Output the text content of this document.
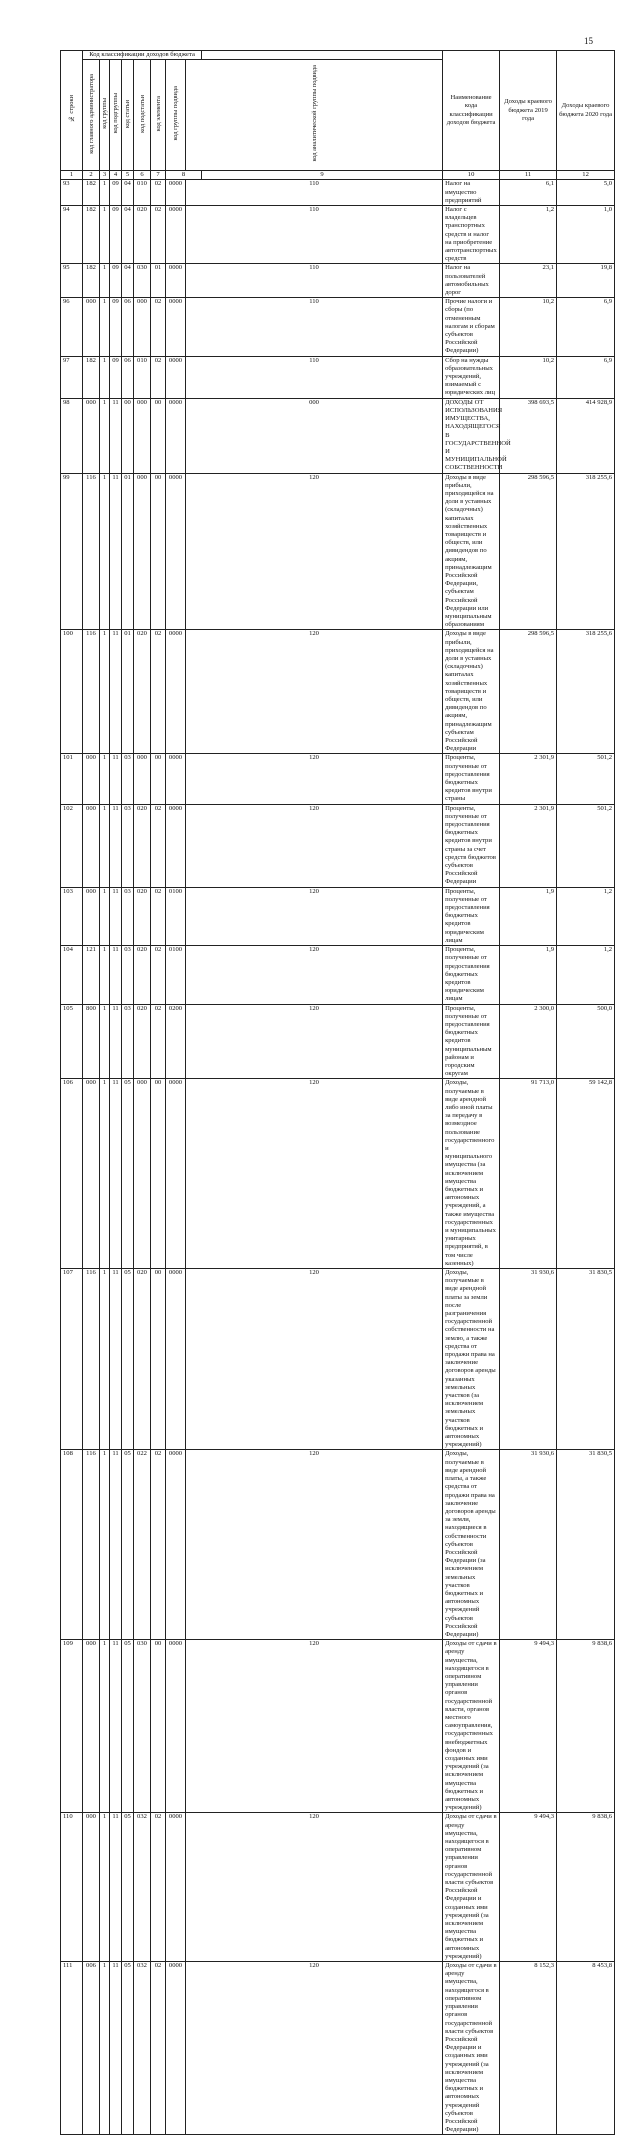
15
№ строки	Код классификации доходов бюджета									Наименование кода классификации доходов бюджета	Доходы краевого бюджета 2019 года	Доходы краевого бюджета 2020 года	
	код главного администратора	код группы	код подгруппы	код статьи	код подстатьи	код элемента	код группы подвида	код аналитической группы подвида					
1	2	3	4	5	6	7	8		9	10	11	12	
93	182	1	09	04	010	02	0000	110		Налог на имущество предприятий	6,1	5,0	
94	182	1	09	04	020	02	0000	110		Налог с владельцев транспортных средств и налог на приобретение автотранспортных средств	1,2	1,0	
95	182	1	09	04	030	01	0000	110		Налог на пользователей автомобильных дорог	23,1	19,8	
96	000	1	09	06	000	02	0000	110		Прочие налоги и сборы (по отмененным налогам и сборам субъектов Российской Федерации)	10,2	6,9	
97	182	1	09	06	010	02	0000	110		Сбор на нужды образовательных учреждений, взимаемый с юридических лиц	10,2	6,9	
98	000	1	11	00	000	00	0000	000		ДОХОДЫ ОТ ИСПОЛЬЗОВАНИЯ ИМУЩЕСТВА, НАХОДЯЩЕГОСЯ В ГОСУДАРСТВЕННОЙ И МУНИЦИПАЛЬНОЙ СОБСТВЕННОСТИ	398 693,5	414 928,9	
99	116	1	11	01	000	00	0000	120		Доходы в виде прибыли, приходящейся на доли в уставных (складочных) капиталах хозяйственных товариществ и обществ, или дивидендов по акциям, принадлежащим Российской Федерации, субъектам Российской Федерации или муниципальным образованиям	298 596,5	318 255,6	
100	116	1	11	01	020	02	0000	120		Доходы в виде прибыли, приходящейся на доли в уставных (складочных) капиталах хозяйственных товариществ и обществ, или дивидендов по акциям, принадлежащим субъектам Российской Федерации	298 596,5	318 255,6	
101	000	1	11	03	000	00	0000	120		Проценты, полученные от предоставления бюджетных кредитов внутри страны	2 301,9	501,2	
102	000	1	11	03	020	02	0000	120		Проценты, полученные от предоставления бюджетных кредитов внутри страны за счет средств бюджетов субъектов Российской Федерации	2 301,9	501,2	
103	000	1	11	03	020	02	0100	120		Проценты, полученные от предоставления бюджетных кредитов юридическим лицам	1,9	1,2	
104	121	1	11	03	020	02	0100	120		Проценты, полученные от предоставления бюджетных кредитов юридическим лицам	1,9	1,2	
105	800	1	11	03	020	02	0200	120		Проценты, полученные от предоставления бюджетных кредитов муниципальным районам и городским округам	2 300,0	500,0	
106	000	1	11	05	000	00	0000	120		Доходы, получаемые в виде арендной либо иной платы за передачу в возмездное пользование государственного и муниципального имущества (за исключением имущества бюджетных и автономных учреждений, а также имущества государственных и муниципальных унитарных предприятий, в том числе казенных)	91 713,0	59 142,8	
107	116	1	11	05	020	00	0000	120		Доходы, получаемые в виде арендной платы за земли после разграничения государственной собственности на землю, а также средства от продажи права на заключение договоров аренды указанных земельных участков (за исключением земельных участков бюджетных и автономных учреждений)	31 930,6	31 830,5	
108	116	1	11	05	022	02	0000	120		Доходы, получаемые в виде арендной платы, а также средства от продажи права на заключение договоров аренды за земли, находящиеся в собственности субъектов Российской Федерации (за исключением земельных участков бюджетных и автономных учреждений субъектов Российской Федерации)	31 930,6	31 830,5	
109	000	1	11	05	030	00	0000	120		Доходы от сдачи в аренду имущества, находящегося в оперативном управлении органов государственной власти, органов местного самоуправления, государственных внебюджетных фондов и созданных ими учреждений (за исключением имущества бюджетных и автономных учреждений)	9 494,3	9 838,6	
110	000	1	11	05	032	02	0000	120		Доходы от сдачи в аренду имущества, находящегося в оперативном управлении органов государственной власти субъектов Российской Федерации и созданных ими учреждений (за исключением имущества бюджетных и автономных учреждений)	9 494,3	9 838,6	
111	006	1	11	05	032	02	0000	120		Доходы от сдачи в аренду имущества, находящегося в оперативном управлении органов государственной власти субъектов Российской Федерации и созданных ими учреждений (за исключением имущества бюджетных и автономных учреждений субъектов Российской Федерации)	8 152,3	8 453,8	
